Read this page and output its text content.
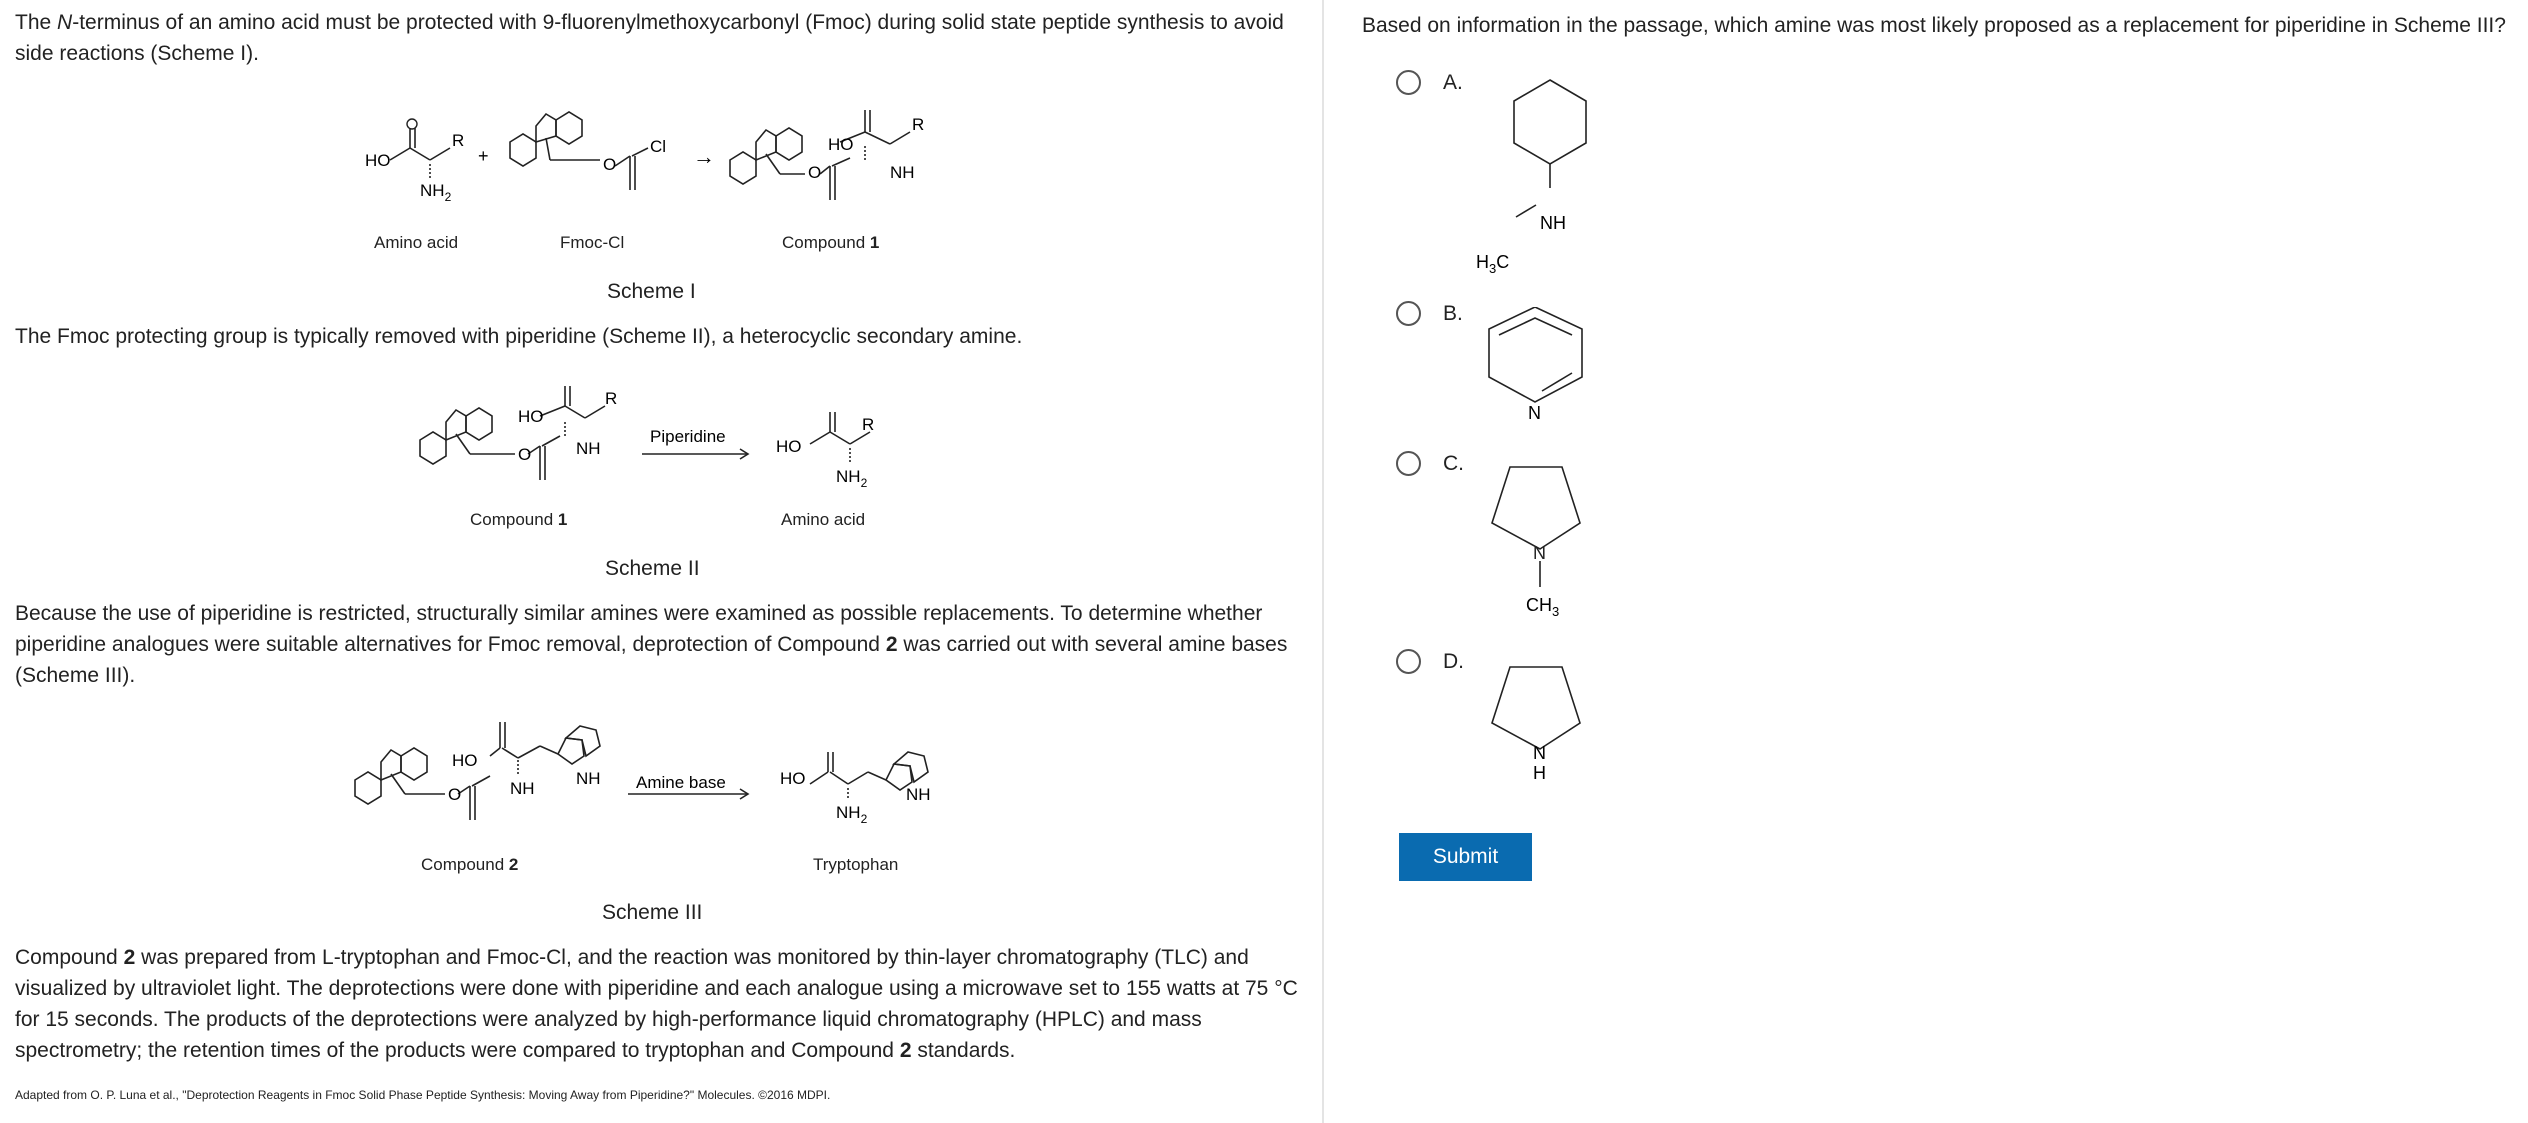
The N-terminus of an amino acid must be protected with 9-fluorenylmethoxycarbonyl (Fmoc) during solid state peptide synthesis to avoid side reactions (Scheme I).

HO
R
$NH_2$
+	O
Cl →
O
HO
NH
R
Amino acid	Fmoc-Cl	Compound 1
Scheme I

The Fmoc protecting group is typically removed with piperidine (Scheme II), a heterocyclic secondary amine.

O
HO
NH
R
Piperidine
HO
R
$NH_2$
Compound 1	Amino acid
Scheme II

Because the use of piperidine is restricted, structurally similar amines were examined as possible replacements. To determine whether piperidine analogues were suitable alternatives for Fmoc removal, deprotection of Compound 2 was carried out with several amine bases (Scheme III).

O
HO
NH
NH Amine base	HO
$NH_2$
NH
Compound 2	Tryptophan
Scheme III

Compound 2 was prepared from L-tryptophan and Fmoc-Cl, and the reaction was monitored by thin-layer chromatography (TLC) and visualized by ultraviolet light. The deprotections were done with piperidine and each analogue using a microwave set to 155 watts at 75 °C for 15 seconds. The products of the deprotections were analyzed by high-performance liquid chromatography (HPLC) and mass spectrometry; the retention times of the products were compared to tryptophan and Compound 2 standards.

Adapted from O. P. Luna et al., "Deprotection Reagents in Fmoc Solid Phase Peptide Synthesis: Moving Away from Piperidine?" Molecules. ©2016 MDPI.
Based on information in the passage, which amine was most likely proposed as a replacement for piperidine in Scheme III?
A.
NH
$H_3C$
B.
N
C.
N
$CH_3$
D.
N
H
Submit
